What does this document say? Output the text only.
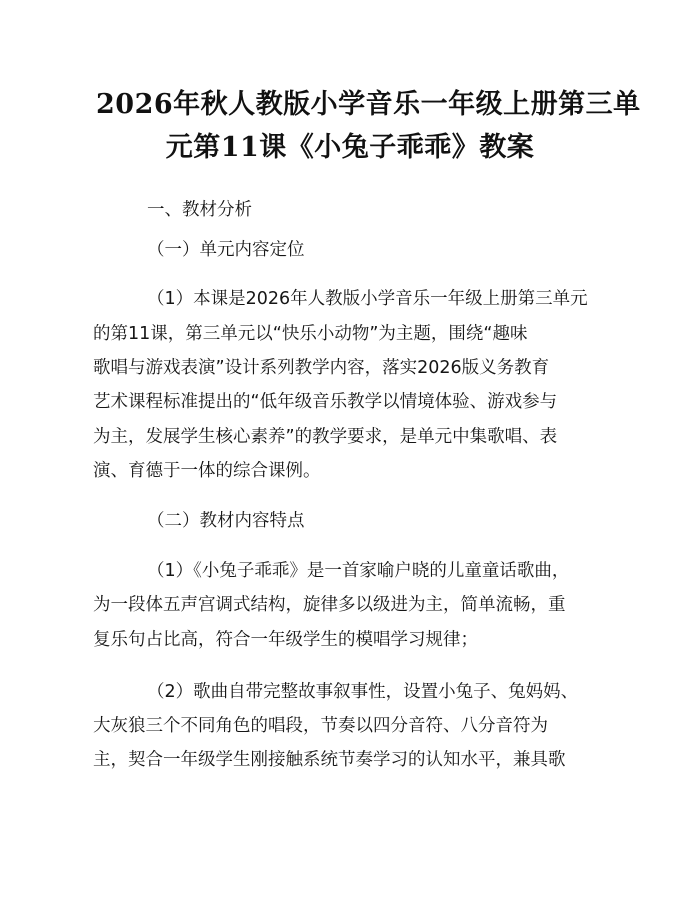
2026年秋人教版小学音乐一年级上册第三单
元第11课《小兔子乖乖》教案
一、教材分析
（一）单元内容定位
（1）本课是2026年人教版小学音乐一年级上册第三单元
的第11课，第三单元以“快乐小动物”为主题，围绕“趣味
歌唱与游戏表演”设计系列教学内容，落实2026版义务教育
艺术课程标准提出的“低年级音乐教学以情境体验、游戏参与
为主，发展学生核心素养”的教学要求，是单元中集歌唱、表
演、育德于一体的综合课例。
（二）教材内容特点
（1）《小兔子乖乖》是一首家喻户晓的儿童童话歌曲，
为一段体五声宫调式结构，旋律多以级进为主，简单流畅，重
复乐句占比高，符合一年级学生的模唱学习规律；
（2）歌曲自带完整故事叙事性，设置小兔子、兔妈妈、
大灰狼三个不同角色的唱段，节奏以四分音符、八分音符为
主，契合一年级学生刚接触系统节奏学习的认知水平，兼具歌
